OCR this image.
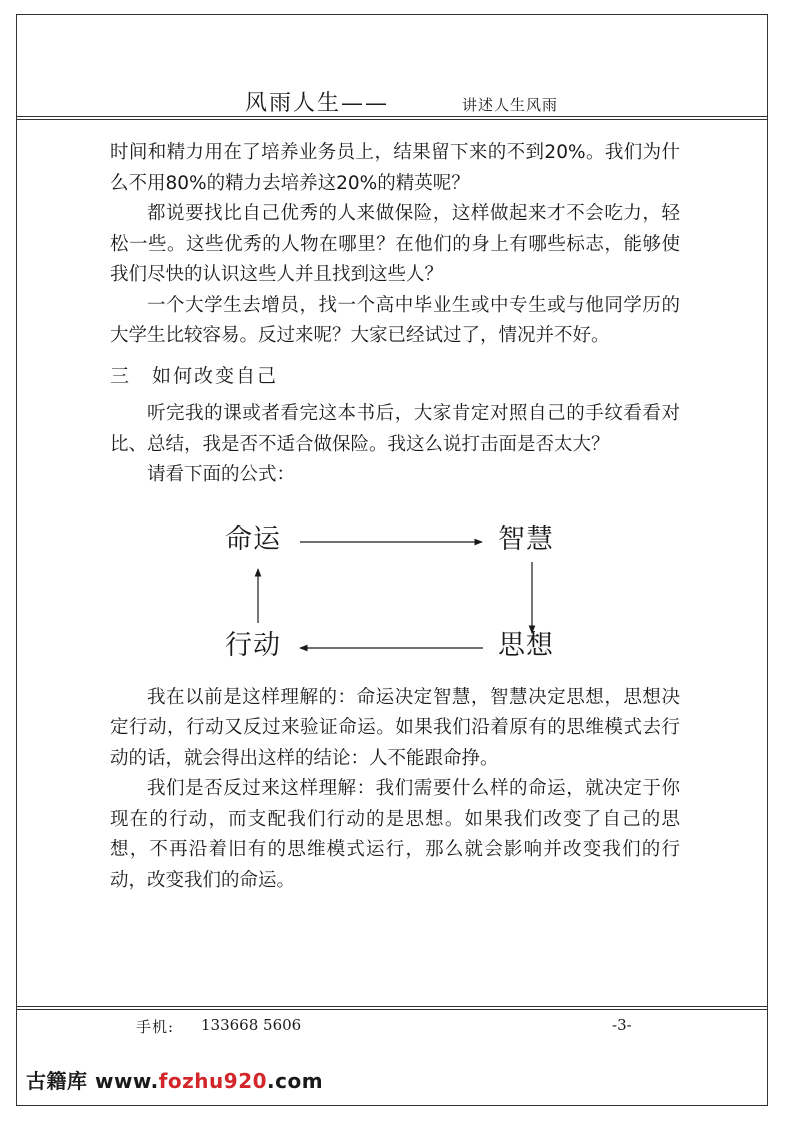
风雨人生——	讲述人生风雨

时间和精力用在了培养业务员上，结果留下来的不到20%。我们为什么不用80%的精力去培养这20%的精英呢？

都说要找比自己优秀的人来做保险，这样做起来才不会吃力，轻松一些。这些优秀的人物在哪里？在他们的身上有哪些标志，能够使我们尽快的认识这些人并且找到这些人？

一个大学生去增员，找一个高中毕业生或中专生或与他同学历的大学生比较容易。反过来呢？大家已经试过了，情况并不好。

三　如何改变自己

听完我的课或者看完这本书后，大家肯定对照自己的手纹看看对比、总结，我是否不适合做保险。我这么说打击面是否太大？

请看下面的公式：

命运	智慧
思想
行动

我在以前是这样理解的：命运决定智慧，智慧决定思想，思想决定行动，行动又反过来验证命运。如果我们沿着原有的思维模式去行动的话，就会得出这样的结论：人不能跟命挣。

我们是否反过来这样理解：我们需要什么样的命运，就决定于你现在的行动，而支配我们行动的是思想。如果我们改变了自己的思想，不再沿着旧有的思维模式运行，那么就会影响并改变我们的行动，改变我们的命运。

手机: 133668 5606	-3-
古籍库 www.fozhu920.com
